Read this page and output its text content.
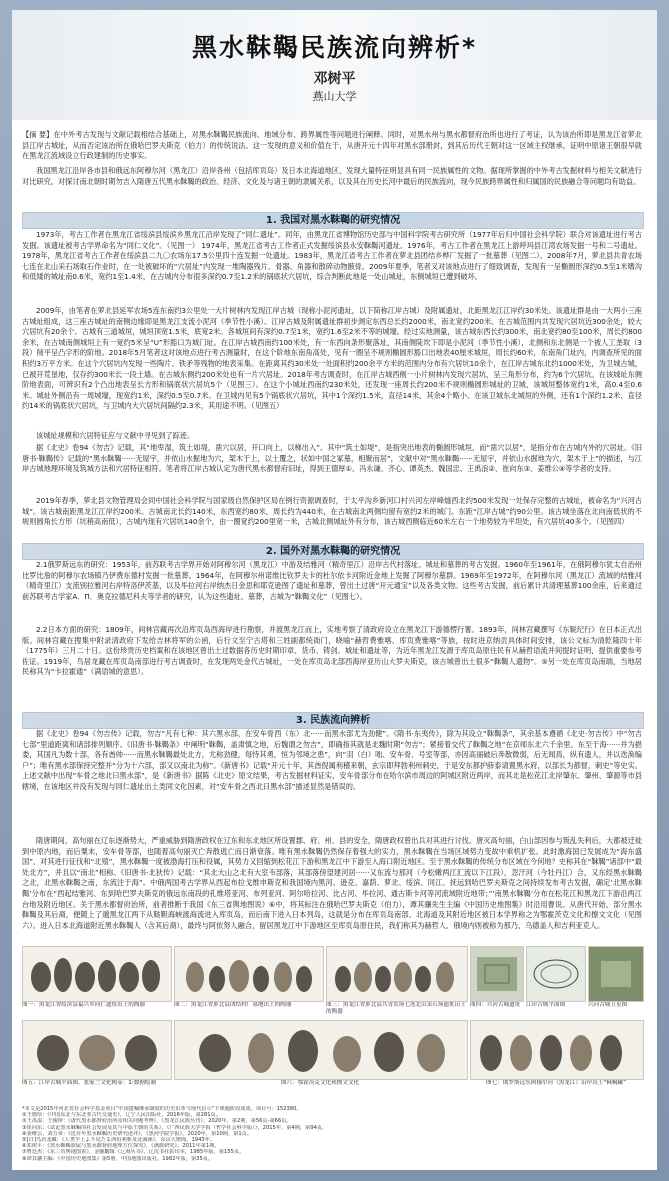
黑水靺鞨民族流向辨析*
邓树平
燕山大学
【摘 要】在中外考古发现与文献记载相结合基础上，对黑水靺鞨民族流向、地域分布、跨界属性等问题进行阐释。同时，对黑水州与黑水都督府治所也进行了考证，认为该治所即是黑龙江省萝北县江岸古城址，从而否定该治所在俄哈巴罗夫斯克（伯力）的传统说法。这一发现的意义和价值在于，从唐开元十四年对黑水部册封，到其后历代王朝对这一区域主权继承，证明中原诸王朝很早就在黑龙江流域设立行政建制的历史事实。
我国黑龙江沿岸各市县和俄远东阿穆尔河（黑龙江）沿岸各州（包括库页岛）及日本北海道地区，发现大量特征明显具有同一民族属性的文物。据现所掌握的中外考古发掘材料与相关文献进行对比研究，对探讨南北朝时期勿吉入隋唐五代黑水靺鞨的政治、经济、文化及与诸王朝的隶属关系，以及其在历史长河中最后的民族流向，现今民族跨界属性和归属国的民族融合等问题均有助益。
1. 我国对黑水靺鞨的研究情况
1973年，考古工作者在黑龙江省绥滨县绥滨乡黑龙江沿岸发现了“同仁遗址”。同年，由黑龙江省博物馆历史部与中国科学院考古研究所（1977年后归中国社会科学院）联合对该遗址进行考古发掘。该遗址被考古学界命名为“同仁文化”。（见图一） 1974年，黑龙江省考古工作者正式发掘绥滨县永安靺鞨河遗址。1976年，考古工作者在黑龙江上游呼玛县江湾农场发掘一号和二号遗址。1978年，黑龙江省考古工作者在绥滨县二九〇农场东17.5公里四十连发掘一处遗址。1983年，黑龙江省考古工作者在萝北县团结乡桦厂发掘了一批墓葬（见图二）。2008年7月，萝北县共青农场七连在北山采石场取石作业时，在一处被破坏的“穴居址”内发现一堆陶器残片、骨器、角器和散碎动物骸骨。2009年夏季，笔者又对该地点进行了细致调查，发现有一呈椭圆形深约0.5至1米嗜沟和低矮的城址南0.6米，宽约1至1.4米，在古城内分布很多深约0.7至1.2米的锅底状穴居坑，综合判断此地是一处山城址，东侧城垣已遭到破坏。
2009年，由笔者在萝北县延军农场5连东南约3公里处一大片树林内发现江岸古城（现称小泥河遗址，以下简称江岸古城）及附属遗址，北距黑龙江江岸约30米处。该遗址群是由一大两小三座古城址组成，这三座古城址的南侧边缘即是黑龙江支流小泥河（季节性小溪）。江岸古城及附属遗址群初步测定东西总长约2000米，南北宽约200米。在古城范围内共发现穴居坑近300余处，较大穴居坑有20余个。古城有三道城垣，城垣顶宽1.5米，底宽2米。各城垣间有深约0.7至1米，宽约1.6至2米不等的城壕。经过实地测量，该古城东西长约300米，南北宽约80至100米，周长约800余米，在古城南侧城垣上有一宽约5米呈“U”形豁口为城门址。在江岸古城西南约100米处，有一东西向条形聚落址，其南侧陡坎下即是小泥河（季节性小溪），北侧和东北侧是一个被人工垄取（3段）削平呈凸字形的阶地。2018年5月笔者这对该地点进行考古测量时，在这个阶地东南角高处，见有一圈呈不规则椭圆形豁口出地表40厘米城垣，周长约60米，东南角门址内，内调查所见的面积约3万平方米。在这个穴居坑内发现一些陶片、铁矛等残物的地表采集。在距离其约30米处一处面积约200余平方米的范围内分布有穴居坑10余个，在江岸古城东北约1000米处，为卫城古城，已被开荒垦地，仅存约300米长一段土墙。在古城东侧约200米处也有一片穴居址。2018年考古调查时，在江岸古城西侧一小片树林内发现穴居坑，呈三角形分布，约为6个穴居坑。在该城址东侧阶地表面，可辨识有2个凸出地表呈长方形和锅底状穴居坑5个（见图三）。在这个小城址西南约230米处，还发现一座周长约200米不规则椭圆形城址的卫城，该城垣整体宽约1米，高0.4至0.6米。城址外侧沿有一周城壕，现宽约1米，深约0.5至0.7米。在卫城内见有5个锅底状穴居坑，其中1个深约1.5米，直径14米，其余4个略小。在该卫城东北城垣的外侧，还有1个深约1.2米、直径约14米的锅底状穴居坑，与卫城内大穴居坑间隔约2.3米，其用途不明。（见图五）
该城址规模和穴居特征应与文献中寻见到了踪迹。
据《北史》卷94《勿吉》记载，其“地卑湿，筑土如堤，凿穴以居，开口向上，以梯出入”。其中“筑土如堤”，是指突出地表的椭圆形城垣，而“凿穴以居”，是指分布在古城内外的穴居址。《旧唐书·靺鞨传》记载的“黑水靺鞨······无屋宇，并依山水掘地为穴，架木于上，以土覆之，状如中国之冢墓，相聚而居”，文献中对“黑水靺鞨······无屋宇，并依山水掘地为穴，架木于上”的描述，与江岸古城地理环境及筑城方法和穴居特征相符。笔者将江岸古城认定为唐代黑水都督府旧址，得到王德厚①、冯永谦、齐心、谭英杰、魏国忠、王禹浪②、崔向东③、姜维公④等学者的支持。
2019年春季，萝北县文物管理局会同中国社会科学院与国家级自然保护区局在例行资源调查时，于太平沟乡新河口村兴河左岸峰燧西北约500米发现一处保存完整的古城址，被命名为“兴河古城”。该古城南距黑龙江江岸约200米。古城南北长约140米，东西宽约80米，周长约为440米，在古城南北两侧均留有宽约2米的城门。东距“江岸古城”约90公里。该古城坐落在北向南低状的不规则圆角长方形（坑稍高南低），古城内现有穴居坑140余个，由一圈宽约200里宽一米，古城北侧城址外有分布，该古城西侧临近60米左右一个地势较为平坦处，有穴居坑40多个。（见图四）
2. 国外对黑水靺鞨的研究情况
2.1俄罗斯远东的研究：1953年，前苏联考古学界开始对阿穆尔河（黑龙江）中游及结雅河（精奇里江）沿岸古代村落址、城址和墓葬的考古发掘。1960年至1961年，在俄阿穆尔犹太自治州比罗比詹的阿穆尔农场镇乃伊费东德村发掘一批墓葬。1964年，在阿穆尔州诺维比钦罗夫卡的杜尔依卡河附近金地上发掘了阿穆尔墓群。1969年至1972年，在阿穆尔河（黑龙江）流域的结雅河（精奇里江）支流别拉雅河右岸特洛伊茨基，以及毕拉河右岸纳杰日金思和耶克逊图了遗址和墓葬，曾出土过唐“开元通宝”以及各类文物。这些考古发掘，前后累计共清理墓葬100余座，后来通过前苏联考古学家A．Π．奥克拉德尼科夫等学者的研究，认为这些遗址、墓葬，古城为“靺鞨文化”（见图七）。
2.2日本方面的研究：1809年，间林宫藏再次沿库页岛西海岸进行勘察，并渡黑龙江而上，实地考察了清政府设立在黑龙江下游德楞行署。1893年，间林宫藏撰写《东鞑纪行》在日本正式出版。间林宫藏在搜集中附录清政府下发给吉林将军的公函，后行文至宁古塔和三姓副都统衙门，晓喻“赫哲费雅喀、库页费雅喀”等族，按时进京纳贡具体时间安排，该公文标为清乾隆四十年（1775年）三月二十日。这份珍贵历史档案和在该地区曾出土过数据各历史时期印章、货币、铸剑、城址和遗址等，为近年黑龙江发源于库页岛原住民有从赫哲语流并间提时证明，提供重要参考佐证。1919年，鸟居龙藏在库页岛南部进行考古调查时，在发现两处金代古城址，一处在库页岛北部西海岸亚历山大罗夫斯克，该古城曾出土很多“靺鞨人遗物”。⑤另一处在库页岛南端，当地居民称其为“卡拉霍通”（满语城的意思）。
3. 民族流向辨析
据《北史》卷94《勿吉传》记载，勿吉“凡有七种：其六黑水部，在安车骨西（东）北······而黑水部尤为劲健”。《隋书·东夷传》，除为其设立“靺鞨条”，其余基本遵循《北史·勿吉传》中“勿吉七部”里道距离和诸部排列顺序。《旧唐书·靺鞨条》中阐明“靺鞨，盖肃慎之地，后魏谓之勿吉”，即确指其就是北魏时期“勿吉”；紧接着交代了靺鞨之地“在京师东北六千余里。东至于海······并为挹娄，其国凡为数十部，各有酋帅······而黑水靺鞨最处北方，尤称劲健，每恃其勇，恒为邻境之患”，向“羽（白）咄、安车骨、号室等部，亦因高丽破后奔散微弱，后无闻焉，纵有遗人，并以迭涣编户”；唯有黑水部保持完整并“分为十六部，部又以南北为称”。《新唐书》记载“开元十年，其酋倪属利稽来朝，玄宗即拜勃利州刺史，于是安东都护薛泰请置黑水府，以部长为都督，刺史”等史实。上述文献中出现“车骨之地北曰黑水部”，是《新唐书》据陈《北史》原文结果，考古发掘材料证实，安车骨部分布在哈尔滨市周边的阿城区附近两岸，而其北是松花江北岸肇东、肇州、肇源等市县辖境，在该地区并没有发现与同仁遗址出土类同文化因素，对“安车骨之西北曰黑水部”描述显然是错误的。
隋唐期间，高句丽在辽东逐渐势大，严重威胁到隋唐政权在辽东和东北地区所设置郡、府、州、县的安全，隋唐政权曾出兵对其进行讨伐。唐灭高句丽，白山部因参与叛乱失利后，大都被迁徙到中原内地，而后粟末，安车骨等部，也随着高句丽灭亡奔散逃亡而日渐衰落。唯有黑水靺鞨仍然保存着强大的实力，黑水靺鞨在当场区域势力变故中乘机扩张。此时激海国已发展成为“海东盛国”，对其进行征伐和“北殖”，黑水靺鞨一度被渤海打压和役属，其势力又回缩到松花江下游和黑龙江中下游至入海口附近地区。至于黑水靺鞨的传统分布区域在今何地？史称其在“靺鞨”诸部中“最处北方”，并且以“南北”相称。《旧唐书·北狄传》记载：“其北大山之北有大室韦部落，其部落傍望建河居······又东流与那河（今松嫩两江汇流以下江段），忽汗河（今牡丹江）合，又东经黑水靺鞨之北，北黑水靺鞨之南，东流注于海”。中俄两国考古学界从西起布拉戈维申斯克和我国境内黑河、逊克、嘉荫、萝北、绥滨、同江、抚远到哈巴罗夫斯克之间持续发布考古发掘，确定‘北黑水靺鞨’分布在“西起结雅河、东到哈巴罗夫斯克的俄远东南段的孔维塔亚河、布列亚河、阿尔哈拉河、比占河、毕拉河、通古斯卡河等河流域附近地带；”‘南黑水靺鞨’分布在松花江和黑龙江下游沿两江台地及附近地区。关于黑水都督府治所，前者推断于我国《东三省舆地图说》⑥中，将其标注在俄哈巴罗夫斯克（伯力），谭其骧先生主编《中国历史地图集》时沿用曹说。从唐代开始，部分黑水靺鞨及其后裔，便随上了邈黑龙江两下从鞑靼海峡渡海流进入库页岛，而后南下进入日本列岛，这就是分布在库页岛南部、北海道及其附近地区被日本学界称之为鄂霍茨克文化和擦文文化（见图六）。进入日本北海道附近黑水靺鞨人（含其后裔），最终与阿依努人融合，留居黑龙江中下游地区至库页岛原住民，我们称其为赫哲人、俄境内则被称为那乃、乌德盖人和吉利亚克人。
图一：黑龙江省绥滨县福兴乡同仁遗址出土的陶器	图二：黑龙江省萝北县团结村厂墓地出土的陶器	图三：黑龙江省萝北县共青农场七连北山采石场遗址出土的陶器
图四：兴河古城遗址 江岸古城平面图	兴河古城卫星图
图五：江岸古城平面图、张家兰文化陶壶：1:数据绘制	图六：鄂霍茨克文化和擦文文化	图七：俄罗斯远东阿穆尔河（黑龙江）沿岸出土“靺鞨罐”
*本文是2015年河北省社会科学基金项目“中国遗嘱继承制度的历史沿革与现代启示”下课题阶段成果，项目号：152380。
①王德厚：《中国东北与东北亚古代交通史》，辽宁人民出版社，2016年版，第281页。
②王禹浪、王俊铮：《唐代黑水都督府治所及相关问题考辨》，《黑龙江民族丛刊》，2020年，第2期，第56页-第66页。
③崔向东：《试论黑水靺鞨的社会发展及其与中原王朝的关系》，《广西民族大学学报（哲学社会科学版）》，2015年，第4期，第94页。
④姜维公、刘万章：《近百年黑水靺鞨历史研究述评》，《黑河学院学报》，2020年，第10期，第1页。
⑤[日]鸟居龙藏：《人类学上より見たる西伯利亜及北满洲》，东京大镫阁，1943年。
⑥邓树平：《黑水靺鞨族属与黑水都督府地理方位探究》，《满族研究》，2011年第1期。
⑦曹廷杰：《东三省舆地图说》，金毓黻辑《辽海丛书》，辽沈书社影印本，1985年版，第155页。
⑧谭其骧主编：《中国历史地图集》第5册，中国地图出版社，1982年版，第35页。
